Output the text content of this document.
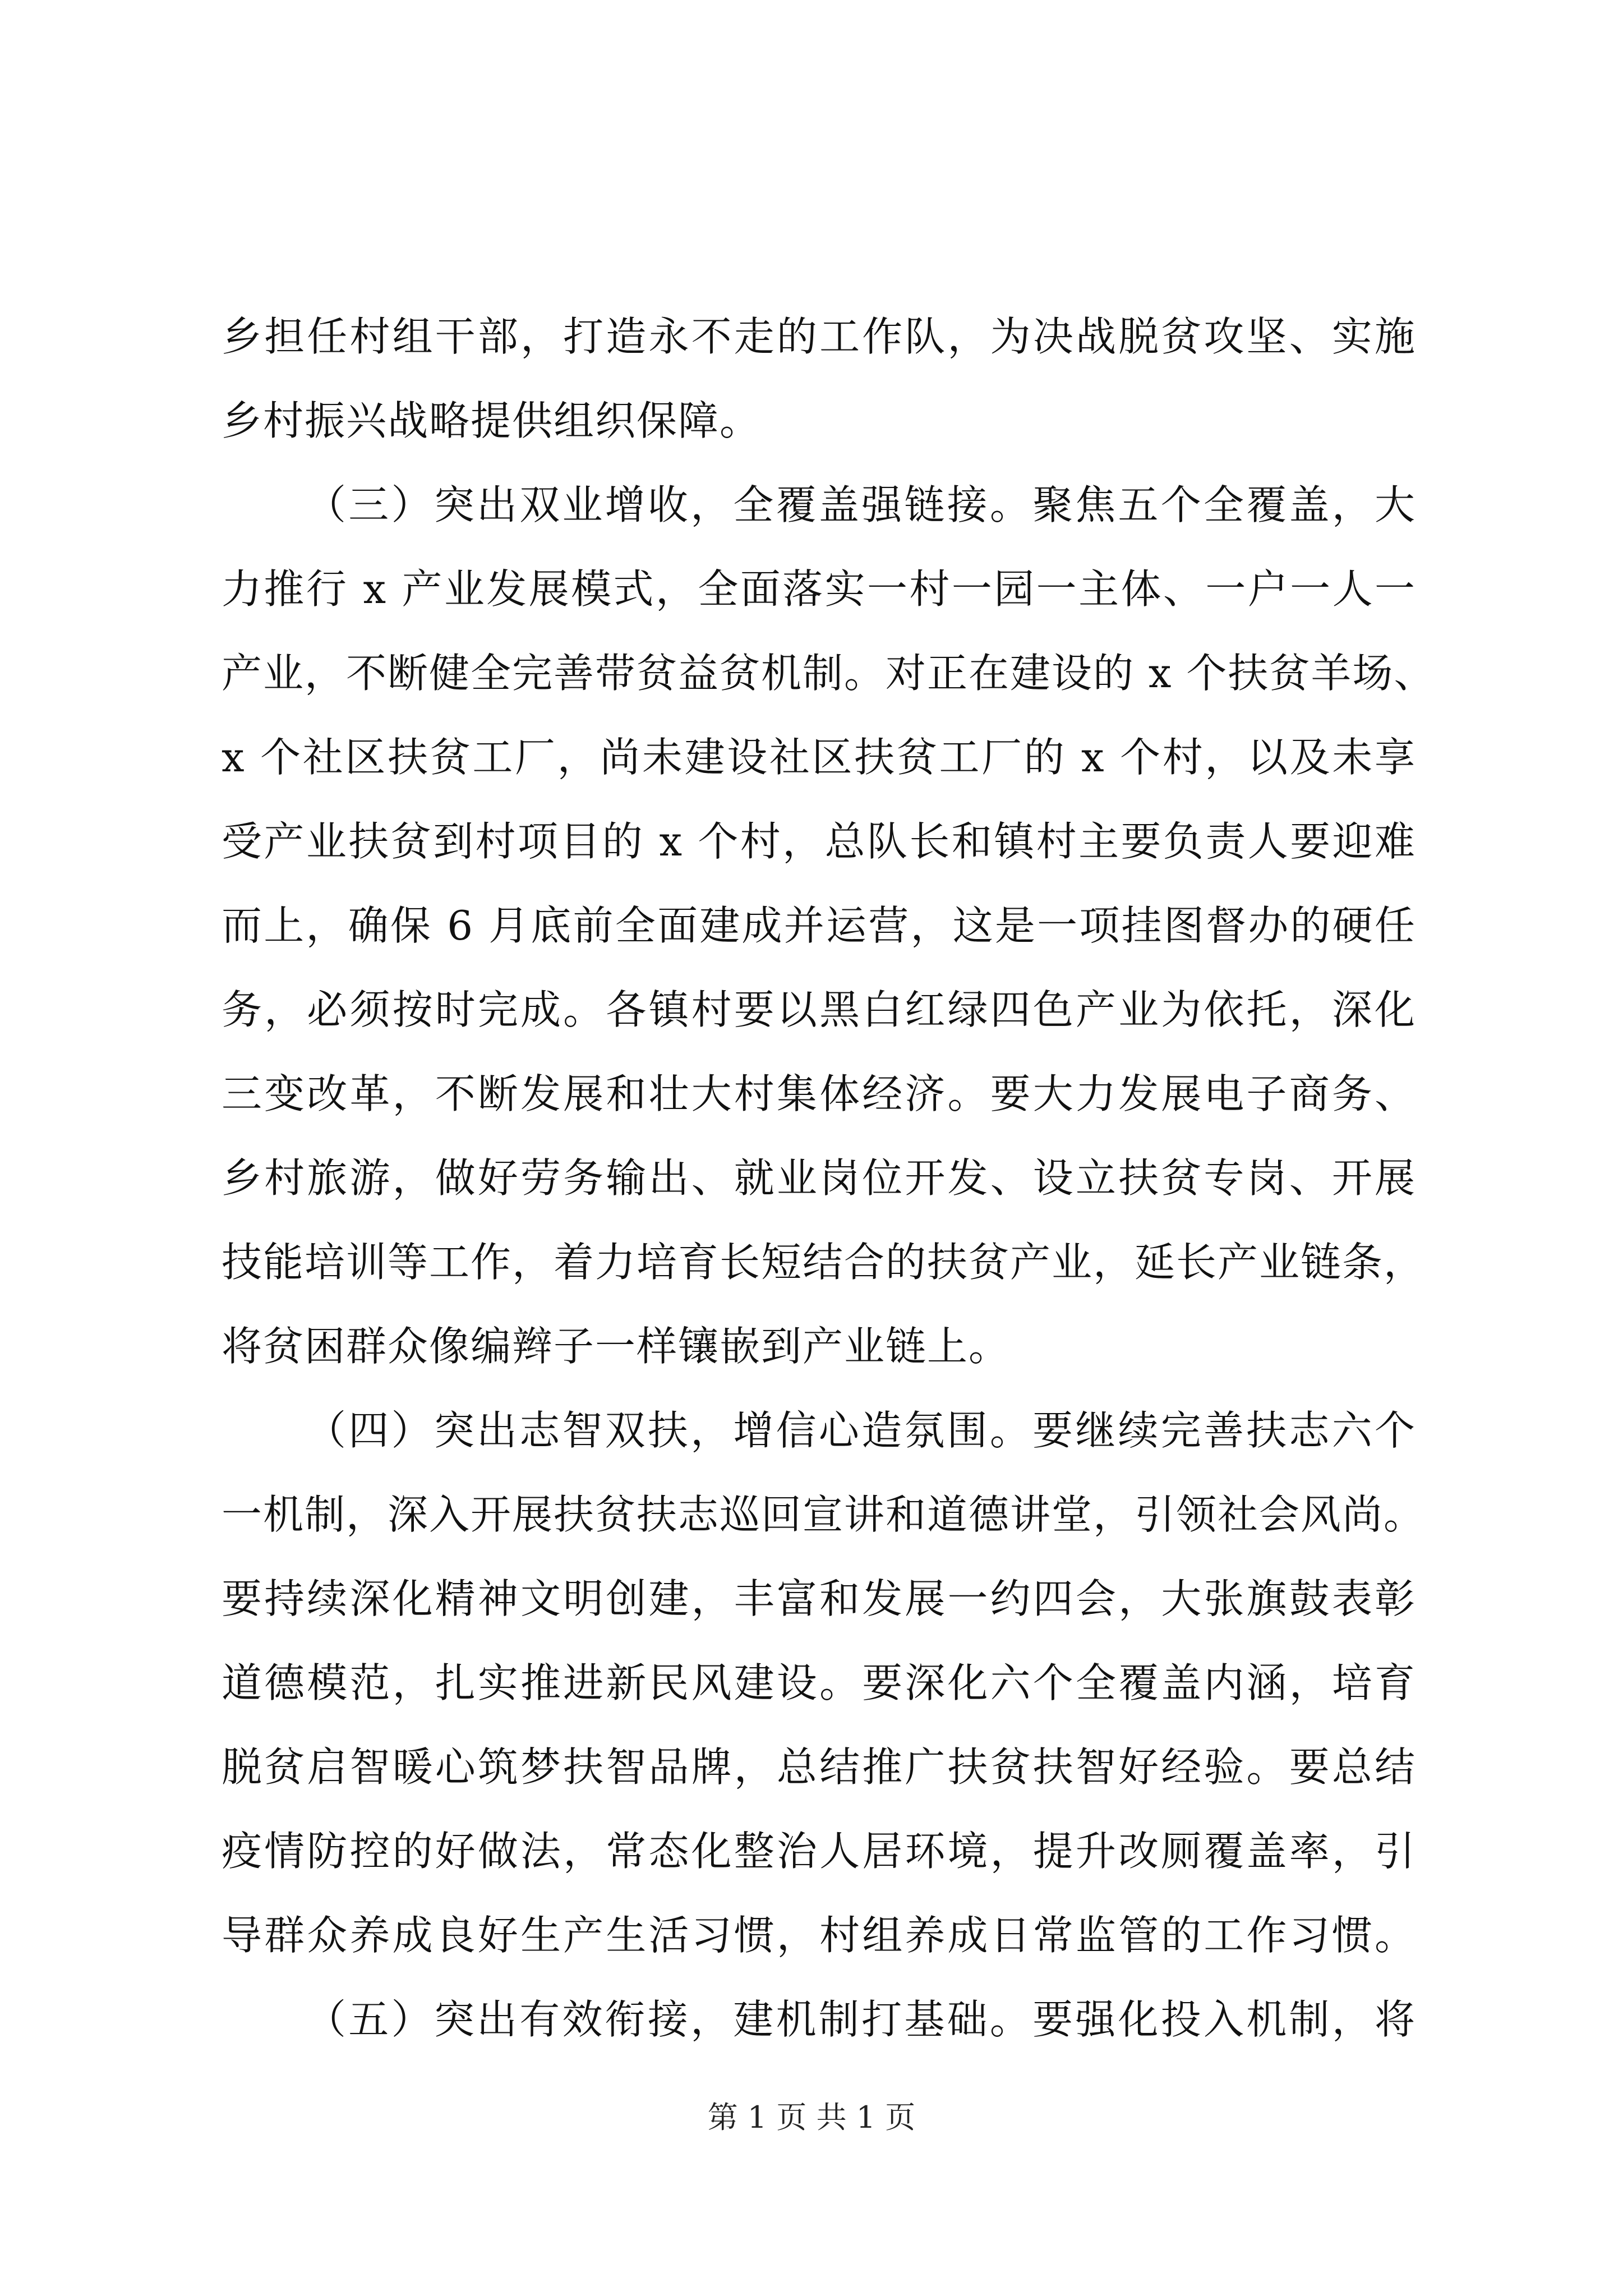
乡担任村组干部，打造永不走的工作队，为决战脱贫攻坚、实施
乡村振兴战略提供组织保障。
（三）突出双业增收，全覆盖强链接。聚焦五个全覆盖，大
力推行 x 产业发展模式，全面落实一村一园一主体、一户一人一
产业，不断健全完善带贫益贫机制。对正在建设的 x 个扶贫羊场、
x 个社区扶贫工厂，尚未建设社区扶贫工厂的 x 个村，以及未享
受产业扶贫到村项目的 x 个村，总队长和镇村主要负责人要迎难
而上，确保 6 月底前全面建成并运营，这是一项挂图督办的硬任
务，必须按时完成。各镇村要以黑白红绿四色产业为依托，深化
三变改革，不断发展和壮大村集体经济。要大力发展电子商务、
乡村旅游，做好劳务输出、就业岗位开发、设立扶贫专岗、开展
技能培训等工作，着力培育长短结合的扶贫产业，延长产业链条，
将贫困群众像编辫子一样镶嵌到产业链上。
（四）突出志智双扶，增信心造氛围。要继续完善扶志六个
一机制，深入开展扶贫扶志巡回宣讲和道德讲堂，引领社会风尚。
要持续深化精神文明创建，丰富和发展一约四会，大张旗鼓表彰
道德模范，扎实推进新民风建设。要深化六个全覆盖内涵，培育
脱贫启智暖心筑梦扶智品牌，总结推广扶贫扶智好经验。要总结
疫情防控的好做法，常态化整治人居环境，提升改厕覆盖率，引
导群众养成良好生产生活习惯，村组养成日常监管的工作习惯。
（五）突出有效衔接，建机制打基础。要强化投入机制，将
第 1 页 共 1 页
